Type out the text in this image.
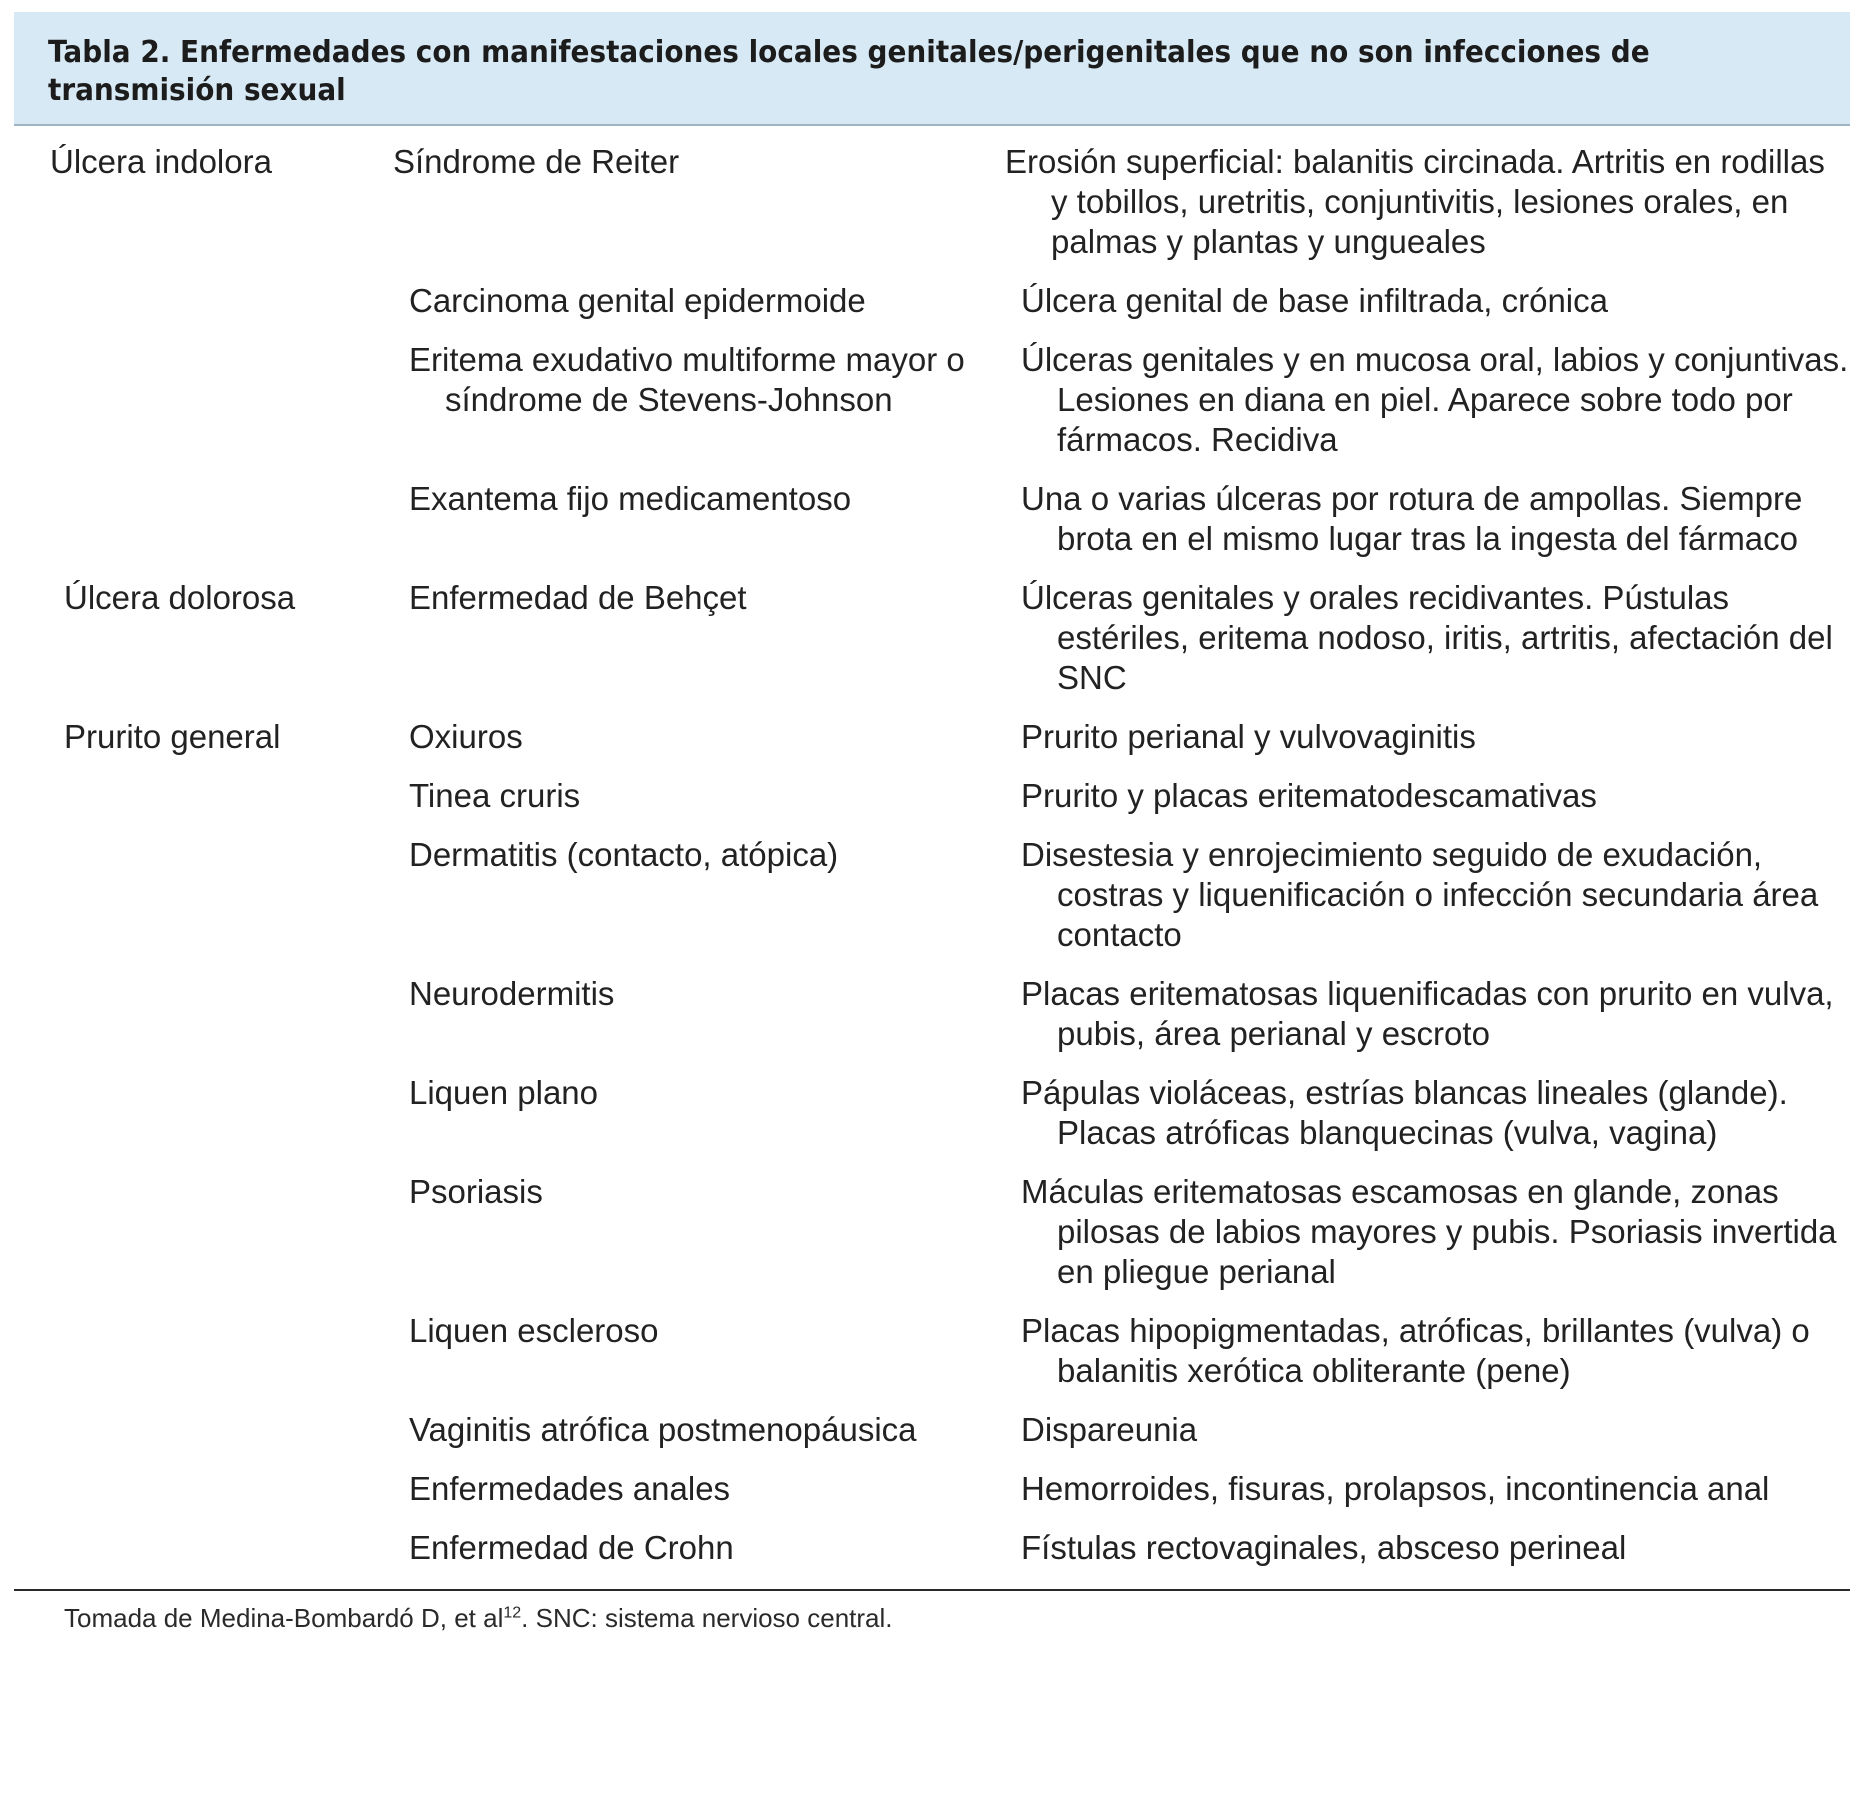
Tabla 2. Enfermedades con manifestaciones locales genitales/perigenitales que no son infecciones de transmisión sexual

Úlcera indolora	Síndrome de Reiter	Erosión superficial: balanitis circinada. Artritis en rodillas y tobillos, uretritis, conjuntivitis, lesiones orales, en palmas y plantas y ungueales

	Carcinoma genital epidermoide	Úlcera genital de base infiltrada, crónica

	Eritema exudativo multiforme mayor o síndrome de Stevens-Johnson	Úlceras genitales y en mucosa oral, labios y conjuntivas. Lesiones en diana en piel. Aparece sobre todo por fármacos. Recidiva

	Exantema fijo medicamentoso	Una o varias úlceras por rotura de ampollas. Siempre brota en el mismo lugar tras la ingesta del fármaco

Úlcera dolorosa	Enfermedad de Behçet	Úlceras genitales y orales recidivantes. Pústulas estériles, eritema nodoso, iritis, artritis, afectación del SNC

Prurito general	Oxiuros	Prurito perianal y vulvovaginitis

	Tinea cruris	Prurito y placas eritematodescamativas

	Dermatitis (contacto, atópica)	Disestesia y enrojecimiento seguido de exudación, costras y liquenificación o infección secundaria área contacto

	Neurodermitis	Placas eritematosas liquenificadas con prurito en vulva, pubis, área perianal y escroto

	Liquen plano	Pápulas violáceas, estrías blancas lineales (glande). Placas atróficas blanquecinas (vulva, vagina)

	Psoriasis	Máculas eritematosas escamosas en glande, zonas pilosas de labios mayores y pubis. Psoriasis invertida en pliegue perianal

	Liquen escleroso	Placas hipopigmentadas, atróficas, brillantes (vulva) o balanitis xerótica obliterante (pene)

	Vaginitis atrófica postmenopáusica	Dispareunia

	Enfermedades anales	Hemorroides, fisuras, prolapsos, incontinencia anal

	Enfermedad de Crohn	Fístulas rectovaginales, absceso perineal
Tomada de Medina-Bombardó D, et $al^{12}$. SNC: sistema nervioso central.
